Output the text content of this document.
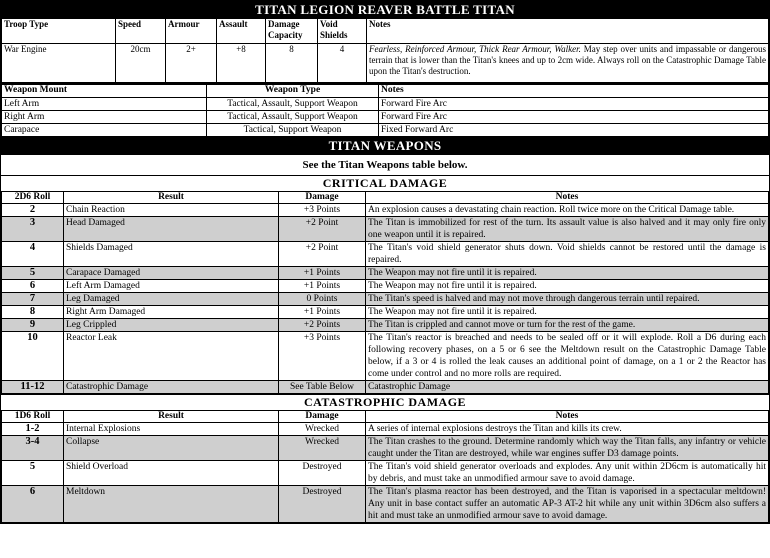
TITAN LEGION REAVER BATTLE TITAN
Troop Type	Speed	Armour	Assault	Damage Capacity	Void Shields	Notes
War Engine	20cm	2+	+8	8	4	Fearless, Reinforced Armour, Thick Rear Armour, Walker. May step over units and impassable or dangerous terrain that is lower than the Titan's knees and up to 2cm wide. Always roll on the Catastrophic Damage Table upon the Titan's destruction.
Weapon Mount	Weapon Type	Notes
Left Arm	Tactical, Assault, Support Weapon	Forward Fire Arc
Right Arm	Tactical, Assault, Support Weapon	Forward Fire Arc
Carapace	Tactical, Support Weapon	Fixed Forward Arc
TITAN WEAPONS
See the Titan Weapons table below.
CRITICAL DAMAGE
2D6 Roll	Result	Damage	Notes
2	Chain Reaction	+3 Points	An explosion causes a devastating chain reaction. Roll twice more on the Critical Damage table.
3	Head Damaged	+2 Point	The Titan is immobilized for rest of the turn. Its assault value is also halved and it may only fire only one weapon until it is repaired.
4	Shields Damaged	+2 Point	The Titan's void shield generator shuts down. Void shields cannot be restored until the damage is repaired.
5	Carapace Damaged	+1 Points	The Weapon may not fire until it is repaired.
6	Left Arm Damaged	+1 Points	The Weapon may not fire until it is repaired.
7	Leg Damaged	0 Points	The Titan's speed is halved and may not move through dangerous terrain until repaired.
8	Right Arm Damaged	+1 Points	The Weapon may not fire until it is repaired.
9	Leg Crippled	+2 Points	The Titan is crippled and cannot move or turn for the rest of the game.
10	Reactor Leak	+3 Points	The Titan's reactor is breached and needs to be sealed off or it will explode. Roll a D6 during each following recovery phases, on a 5 or 6 see the Meltdown result on the Catastrophic Damage Table below, if a 3 or 4 is rolled the leak causes an additional point of damage, on a 1 or 2 the Reactor has come under control and no more rolls are required.
11-12	Catastrophic Damage	See Table Below	Catastrophic Damage
CATASTROPHIC DAMAGE
1D6 Roll	Result	Damage	Notes
1-2	Internal Explosions	Wrecked	A series of internal explosions destroys the Titan and kills its crew.
3-4	Collapse	Wrecked	The Titan crashes to the ground. Determine randomly which way the Titan falls, any infantry or vehicle caught under the Titan are destroyed, while war engines suffer D3 damage points.
5	Shield Overload	Destroyed	The Titan's void shield generator overloads and explodes. Any unit within 2D6cm is automatically hit by debris, and must take an unmodified armour save to avoid damage.
6	Meltdown	Destroyed	The Titan's plasma reactor has been destroyed, and the Titan is vaporised in a spectacular meltdown! Any unit in base contact suffer an automatic AP-3 AT-2 hit while any unit within 3D6cm also suffers a hit and must take an unmodified armour save to avoid damage.
